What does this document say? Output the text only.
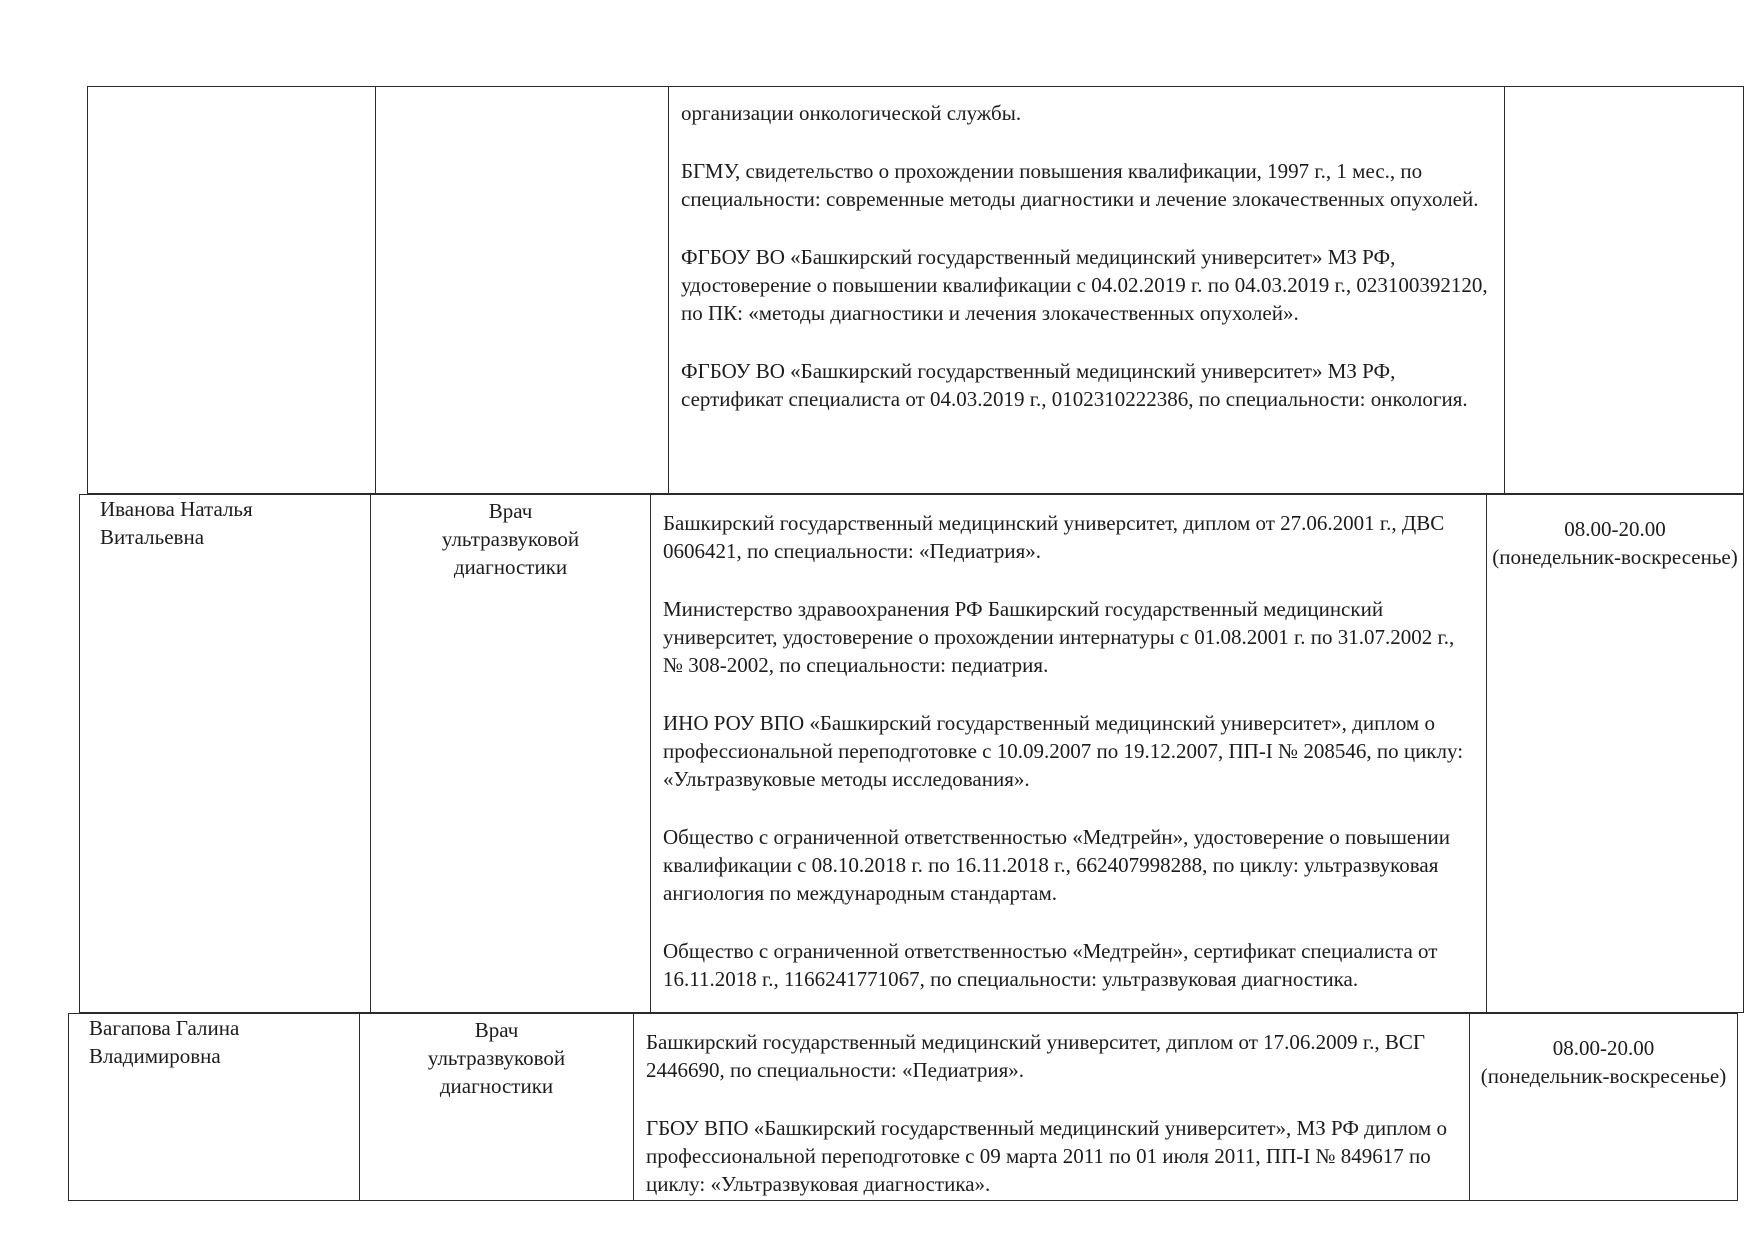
организации онкологической службы.

БГМУ, свидетельство о прохождении повышения квалификации, 1997 г., 1 мес., по специальности: современные методы диагностики и лечение злокачественных опухолей.

ФГБОУ ВО «Башкирский государственный медицинский университет» МЗ РФ, удостоверение о повышении квалификации с 04.02.2019 г. по 04.03.2019 г., 023100392120, по ПК: «методы диагностики и лечения злокачественных опухолей».

ФГБОУ ВО «Башкирский государственный медицинский университет» МЗ РФ, сертификат специалиста от 04.03.2019 г., 0102310222386, по специальности: онкология.

Иванова Наталья
Витальевна
Врач
ультразвуковой
диагностики

Башкирский государственный медицинский университет, диплом от 27.06.2001 г., ДВС 0606421, по специальности: «Педиатрия».

Министерство здравоохранения РФ Башкирский государственный медицинский университет, удостоверение о прохождении интернатуры с 01.08.2001 г. по 31.07.2002 г., № 308-2002, по специальности: педиатрия.

ИНО РОУ ВПО «Башкирский государственный медицинский университет», диплом о профессиональной переподготовке с 10.09.2007 по 19.12.2007, ПП-I № 208546, по циклу: «Ультразвуковые методы исследования».

Общество с ограниченной ответственностью «Медтрейн», удостоверение о повышении квалификации с 08.10.2018 г. по 16.11.2018 г., 662407998288, по циклу: ультразвуковая ангиология по международным стандартам.

Общество с ограниченной ответственностью «Медтрейн», сертификат специалиста от 16.11.2018 г., 1166241771067, по специальности: ультразвуковая диагностика.

08.00-20.00
(понедельник-воскресенье)
Вагапова Галина
Владимировна
Врач
ультразвуковой
диагностики

Башкирский государственный медицинский университет, диплом от 17.06.2009 г., ВСГ 2446690, по специальности: «Педиатрия».

ГБОУ ВПО «Башкирский государственный медицинский университет», МЗ РФ диплом о профессиональной переподготовке с 09 марта 2011 по 01 июля 2011, ПП-I № 849617 по циклу: «Ультразвуковая диагностика».

08.00-20.00
(понедельник-воскресенье)
